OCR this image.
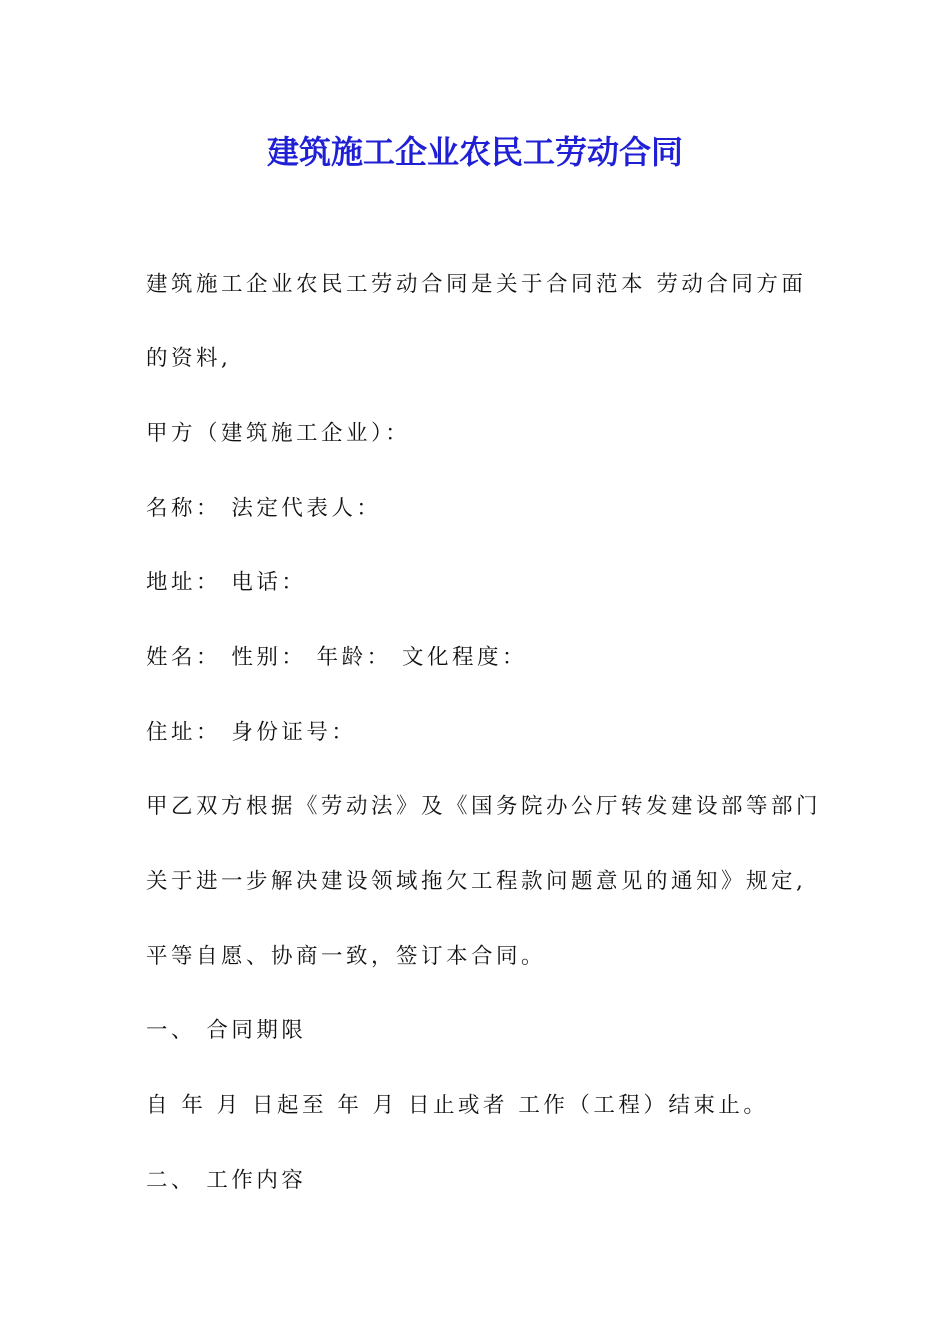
建筑施工企业农民工劳动合同

建筑施工企业农民工劳动合同是关于合同范本 劳动合同方面

的资料,

甲方（建筑施工企业）：

名称： 法定代表人：

地址： 电话：

姓名： 性别： 年龄： 文化程度：

住址： 身份证号：

甲乙双方根据《劳动法》及《国务院办公厅转发建设部等部门

关于进一步解决建设领域拖欠工程款问题意见的通知》规定,

平等自愿、协商一致，签订本合同。

一、 合同期限

自 年 月 日起至 年 月 日止或者 工作（工程）结束止。

二、 工作内容
